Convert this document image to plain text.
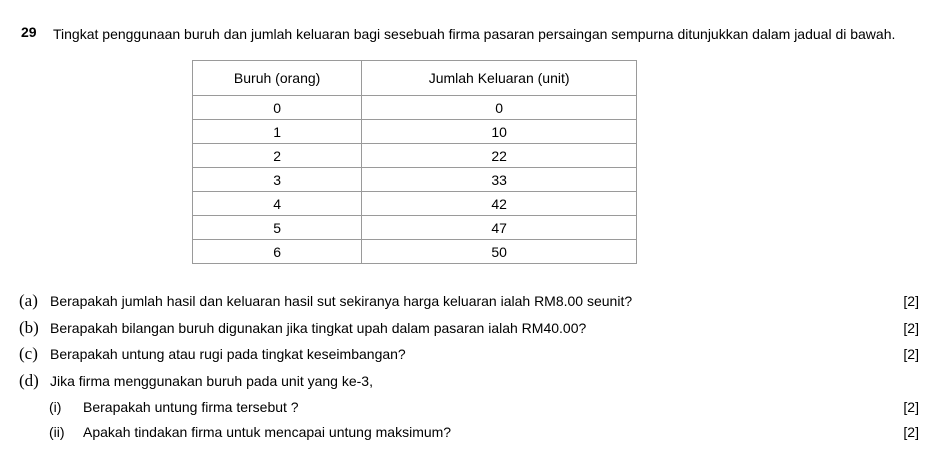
29 Tingkat penggunaan buruh dan jumlah keluaran bagi sesebuah firma pasaran persaingan sempurna ditunjukkan dalam jadual di bawah.
Buruh (orang)	Jumlah Keluaran (unit)
0	0
1	10
2	22
3	33
4	42
5	47
6	50
(a) Berapakah jumlah hasil dan keluaran hasil sut sekiranya harga keluaran ialah RM8.00 seunit?	[2]
(b) Berapakah bilangan buruh digunakan jika tingkat upah dalam pasaran ialah RM40.00?	[2]
(c) Berapakah untung atau rugi pada tingkat keseimbangan?	[2]
(d) Jika firma menggunakan buruh pada unit yang ke-3,
(i) Berapakah untung firma tersebut ?	[2]
(ii) Apakah tindakan firma untuk mencapai untung maksimum?	[2]
